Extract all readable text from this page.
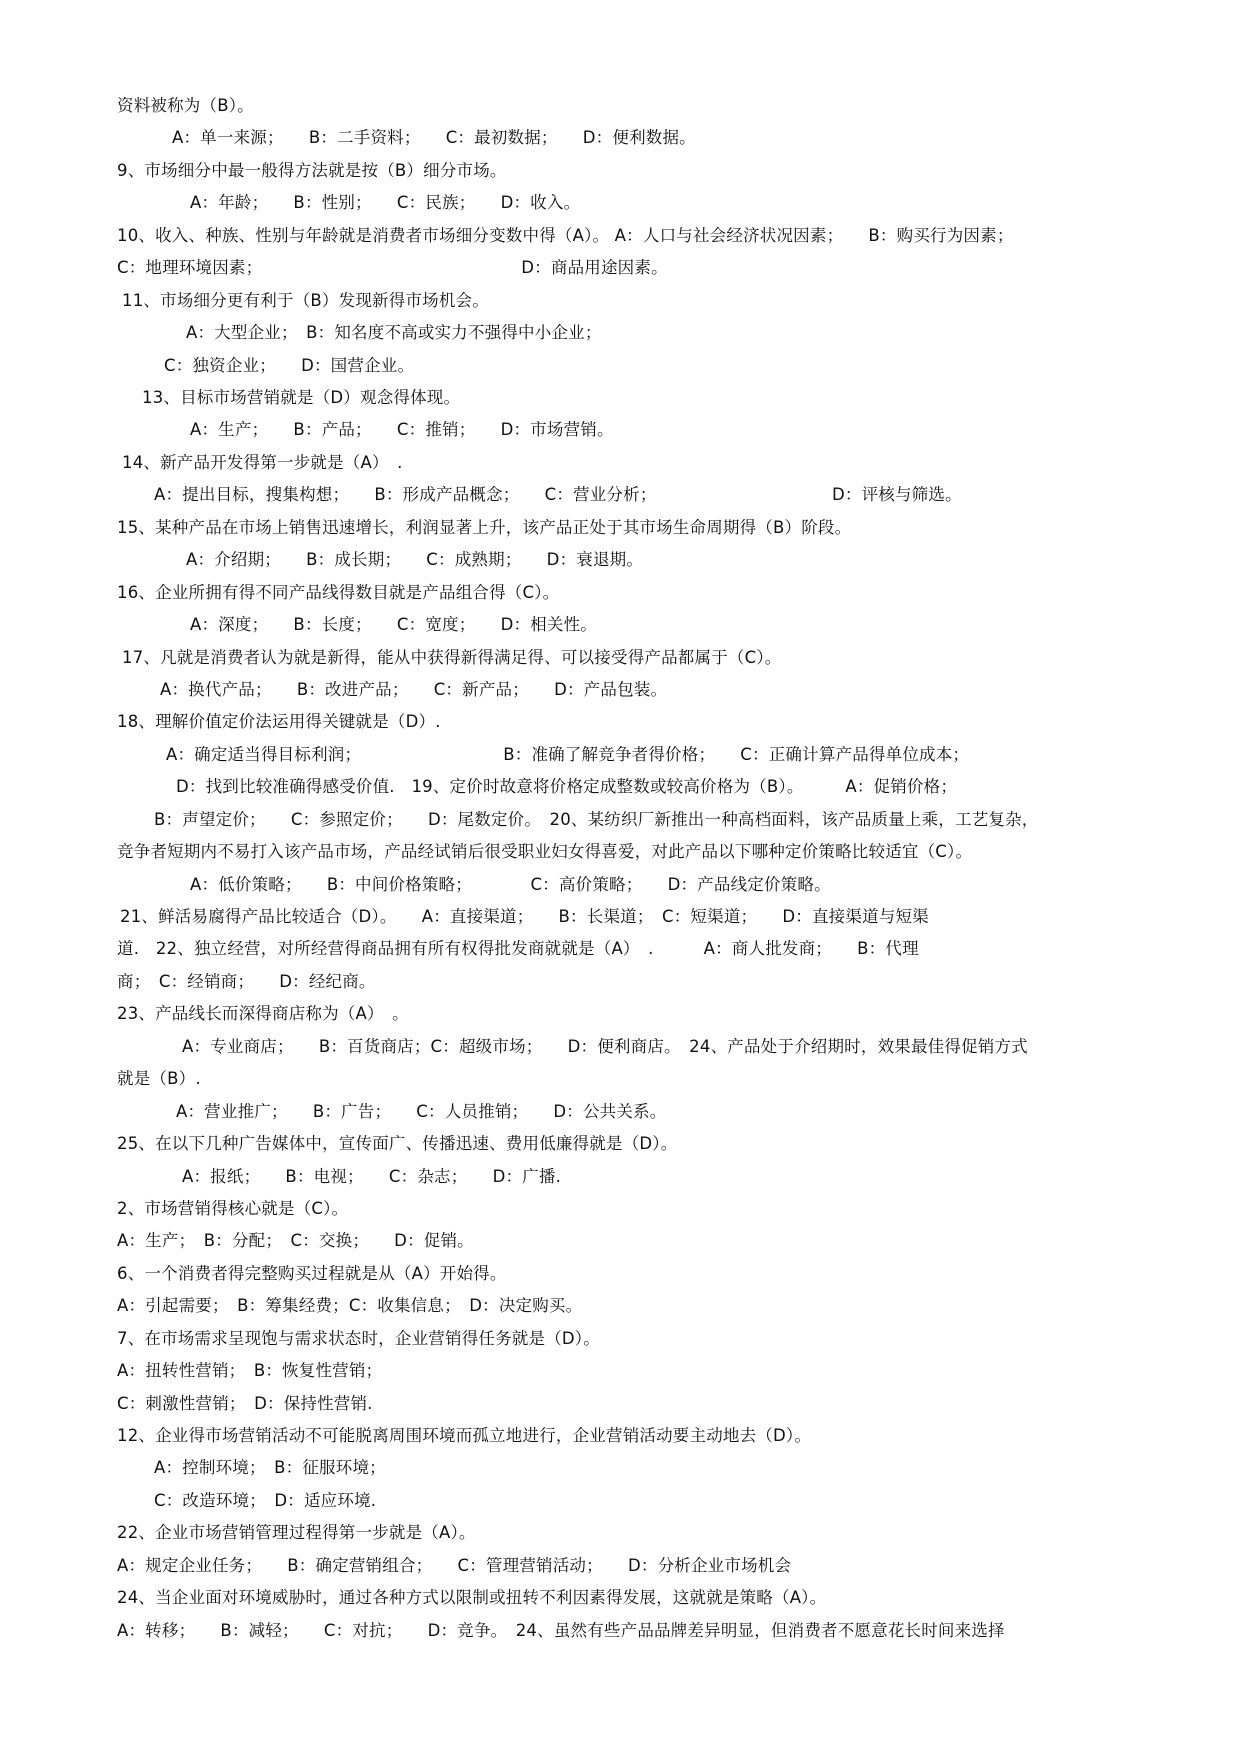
资料被称为（B）。
A：单一来源；　　B：二手资料；　　C：最初数据；　　D：便利数据。
9、市场细分中最一般得方法就是按（B）细分市场。
A：年龄；　　B：性别；　　C：民族；　　D：收入。
10、收入、种族、性别与年龄就是消费者市场细分变数中得（A）。 A：人口与社会经济状况因素；　　B：购买行为因素；
C：地理环境因素；　　　　　　　　　　　　　　　　D：商品用途因素。
11、市场细分更有利于（B）发现新得市场机会。
A：大型企业；　B：知名度不高或实力不强得中小企业；
C：独资企业；　　D：国营企业。
13、目标市场营销就是（D）观念得体现。
A：生产；　　B：产品；　　C：推销；　　D：市场营销。
14、新产品开发得第一步就是（A）　.
A：提出目标，搜集构想；　　B：形成产品概念；　　C：营业分析；　　　　　　　　　　　D：评核与筛选。
15、某种产品在市场上销售迅速增长，利润显著上升，该产品正处于其市场生命周期得（B）阶段。
A：介绍期；　　B：成长期；　　C：成熟期；　　D：衰退期。
16、企业所拥有得不同产品线得数目就是产品组合得（C）。
A：深度；　　B：长度；　　C：宽度；　　D：相关性。
17、凡就是消费者认为就是新得，能从中获得新得满足得、可以接受得产品都属于（C）。
A：换代产品；　　B：改进产品；　　C：新产品；　　D：产品包装。
18、理解价值定价法运用得关键就是（D）.
A：确定适当得目标利润；　　　　　　　　　B：准确了解竞争者得价格；　　C：正确计算产品得单位成本；
D：找到比较准确得感受价值.　19、定价时故意将价格定成整数或较高价格为（B）。　　　A：促销价格；
B：声望定价；　　C：参照定价；　　D：尾数定价。　20、某纺织厂新推出一种高档面料，该产品质量上乘，工艺复杂，
竞争者短期内不易打入该产品市场，产品经试销后很受职业妇女得喜爱，对此产品以下哪种定价策略比较适宜（C）。
A：低价策略；　　B：中间价格策略；　　　　C：高价策略；　　D：产品线定价策略。
21、鲜活易腐得产品比较适合（D）。　　A：直接渠道；　　B：长渠道；　C：短渠道；　　D：直接渠道与短渠
道.　22、独立经营，对所经营得商品拥有所有权得批发商就就是（A）　.　　　A：商人批发商；　　B：代理
商；　C：经销商；　　D：经纪商。
23、产品线长而深得商店称为（A）　。
A：专业商店；　　B：百货商店；C：超级市场；　　D：便利商店。　24、产品处于介绍期时，效果最佳得促销方式
就是（B）.
A：营业推广；　　B：广告；　　C：人员推销；　　D：公共关系。
25、在以下几种广告媒体中，宣传面广、传播迅速、费用低廉得就是（D）。
A：报纸；　　B：电视；　　C：杂志；　　D：广播.
2、市场营销得核心就是（C）。
A：生产；　B：分配；　C：交换；　　D：促销。
6、一个消费者得完整购买过程就是从（A）开始得。
A：引起需要；　B：筹集经费；C：收集信息；　D：决定购买。
7、在市场需求呈现饱与需求状态时，企业营销得任务就是（D）。
A：扭转性营销；　B：恢复性营销；
C：刺激性营销；　D：保持性营销.
12、企业得市场营销活动不可能脱离周围环境而孤立地进行，企业营销活动要主动地去（D）。
A：控制环境；　B：征服环境；
C：改造环境；　D：适应环境.
22、企业市场营销管理过程得第一步就是（A）。
A：规定企业任务；　　B：确定营销组合；　　C：管理营销活动；　　D：分析企业市场机会
24、当企业面对环境威胁时，通过各种方式以限制或扭转不利因素得发展，这就就是策略（A）。
A：转移；　　B：减轻；　　C：对抗；　　D：竞争。　24、虽然有些产品品牌差异明显，但消费者不愿意花长时间来选择
